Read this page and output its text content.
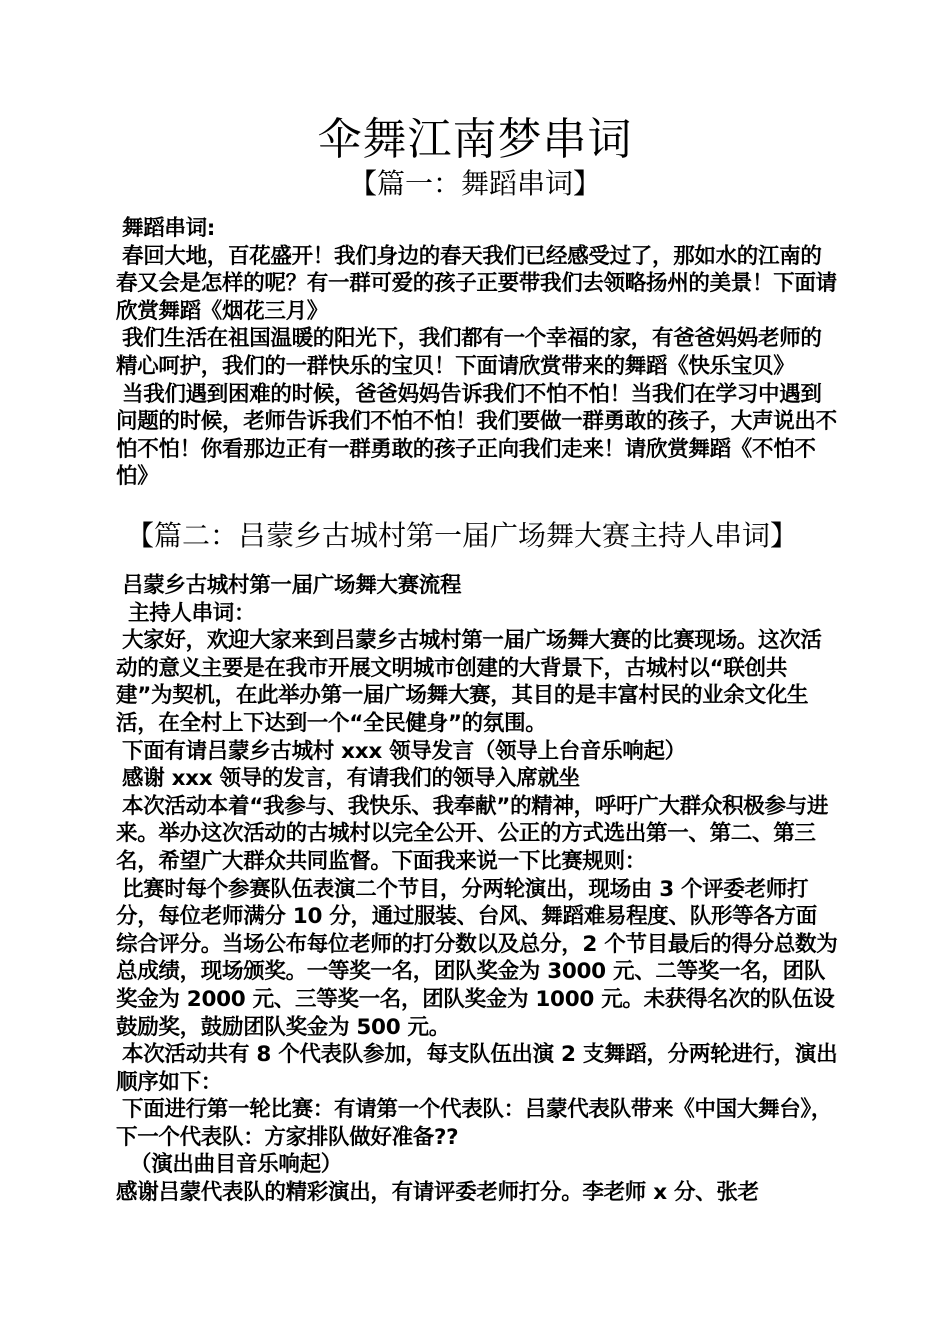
伞舞江南梦串词
【篇一：舞蹈串词】

舞蹈串词:

春回大地，百花盛开！我们身边的春天我们已经感受过了，那如水的江南的春又会是怎样的呢？有一群可爱的孩子正要带我们去领略扬州的美景！下面请欣赏舞蹈《烟花三月》

我们生活在祖国温暖的阳光下，我们都有一个幸福的家，有爸爸妈妈老师的精心呵护，我们的一群快乐的宝贝！下面请欣赏带来的舞蹈《快乐宝贝》

当我们遇到困难的时候，爸爸妈妈告诉我们不怕不怕！当我们在学习中遇到问题的时候，老师告诉我们不怕不怕！我们要做一群勇敢的孩子，大声说出不怕不怕！你看那边正有一群勇敢的孩子正向我们走来！请欣赏舞蹈《不怕不怕》

【篇二：吕蒙乡古城村第一届广场舞大赛主持人串词】

吕蒙乡古城村第一届广场舞大赛流程

主持人串词：

大家好，欢迎大家来到吕蒙乡古城村第一届广场舞大赛的比赛现场。这次活动的意义主要是在我市开展文明城市创建的大背景下，古城村以“联创共建”为契机，在此举办第一届广场舞大赛，其目的是丰富村民的业余文化生活，在全村上下达到一个“全民健身”的氛围。

下面有请吕蒙乡古城村 xxx 领导发言（领导上台音乐响起）

感谢 xxx 领导的发言，有请我们的领导入席就坐

本次活动本着“我参与、我快乐、我奉献”的精神，呼吁广大群众积极参与进来。举办这次活动的古城村以完全公开、公正的方式选出第一、第二、第三名，希望广大群众共同监督。下面我来说一下比赛规则：

比赛时每个参赛队伍表演二个节目，分两轮演出，现场由 3 个评委老师打分，每位老师满分 10 分，通过服装、台风、舞蹈难易程度、队形等各方面综合评分。当场公布每位老师的打分数以及总分，2 个节目最后的得分总数为总成绩，现场颁奖。一等奖一名，团队奖金为 3000 元、二等奖一名，团队奖金为 2000 元、三等奖一名，团队奖金为 1000 元。未获得名次的队伍设鼓励奖，鼓励团队奖金为 500 元。

本次活动共有 8 个代表队参加，每支队伍出演 2 支舞蹈，分两轮进行，演出顺序如下：

下面进行第一轮比赛：有请第一个代表队：吕蒙代表队带来《中国大舞台》，下一个代表队：方家排队做好准备??

（演出曲目音乐响起）

感谢吕蒙代表队的精彩演出，有请评委老师打分。李老师 x 分、张老
